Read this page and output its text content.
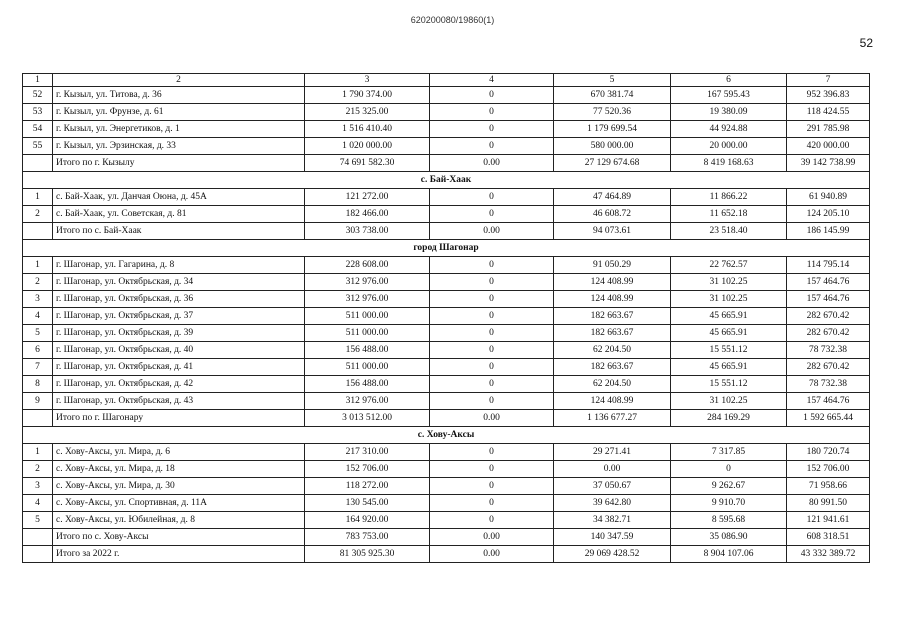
620200080/19860(1)
52
1	2	3	4	5	6	7
52	г. Кызыл, ул. Титова, д. 36	1 790 374.00	0	670 381.74	167 595.43	952 396.83
53	г. Кызыл, ул. Фрунзе, д. 61	215 325.00	0	77 520.36	19 380.09	118 424.55
54	г. Кызыл, ул. Энергетиков, д. 1	1 516 410.40	0	1 179 699.54	44 924.88	291 785.98
55	г. Кызыл, ул. Эрзинская, д. 33	1 020 000.00	0	580 000.00	20 000.00	420 000.00
	Итого по г. Кызылу	74 691 582.30	0.00	27 129 674.68	8 419 168.63	39 142 738.99
с. Бай-Хаак						
1	с. Бай-Хаак, ул. Данчая Оюна, д. 45А	121 272.00	0	47 464.89	11 866.22	61 940.89
2	с. Бай-Хаак, ул. Советская, д. 81	182 466.00	0	46 608.72	11 652.18	124 205.10
	Итого по с. Бай-Хаак	303 738.00	0.00	94 073.61	23 518.40	186 145.99
город Шагонар						
1	г. Шагонар, ул. Гагарина, д. 8	228 608.00	0	91 050.29	22 762.57	114 795.14
2	г. Шагонар, ул. Октябрьская, д. 34	312 976.00	0	124 408.99	31 102.25	157 464.76
3	г. Шагонар, ул. Октябрьская, д. 36	312 976.00	0	124 408.99	31 102.25	157 464.76
4	г. Шагонар, ул. Октябрьская, д. 37	511 000.00	0	182 663.67	45 665.91	282 670.42
5	г. Шагонар, ул. Октябрьская, д. 39	511 000.00	0	182 663.67	45 665.91	282 670.42
6	г. Шагонар, ул. Октябрьская, д. 40	156 488.00	0	62 204.50	15 551.12	78 732.38
7	г. Шагонар, ул. Октябрьская, д. 41	511 000.00	0	182 663.67	45 665.91	282 670.42
8	г. Шагонар, ул. Октябрьская, д. 42	156 488.00	0	62 204.50	15 551.12	78 732.38
9	г. Шагонар, ул. Октябрьская, д. 43	312 976.00	0	124 408.99	31 102.25	157 464.76
	Итого по г. Шагонару	3 013 512.00	0.00	1 136 677.27	284 169.29	1 592 665.44
с. Хову-Аксы						
1	с. Хову-Аксы, ул. Мира, д. 6	217 310.00	0	29 271.41	7 317.85	180 720.74
2	с. Хову-Аксы, ул. Мира, д. 18	152 706.00	0	0.00	0	152 706.00
3	с. Хову-Аксы, ул. Мира, д. 30	118 272.00	0	37 050.67	9 262.67	71 958.66
4	с. Хову-Аксы, ул. Спортивная, д. 11А	130 545.00	0	39 642.80	9 910.70	80 991.50
5	с. Хову-Аксы, ул. Юбилейная, д. 8	164 920.00	0	34 382.71	8 595.68	121 941.61
	Итого по с. Хову-Аксы	783 753.00	0.00	140 347.59	35 086.90	608 318.51
	Итого за 2022 г.	81 305 925.30	0.00	29 069 428.52	8 904 107.06	43 332 389.72
